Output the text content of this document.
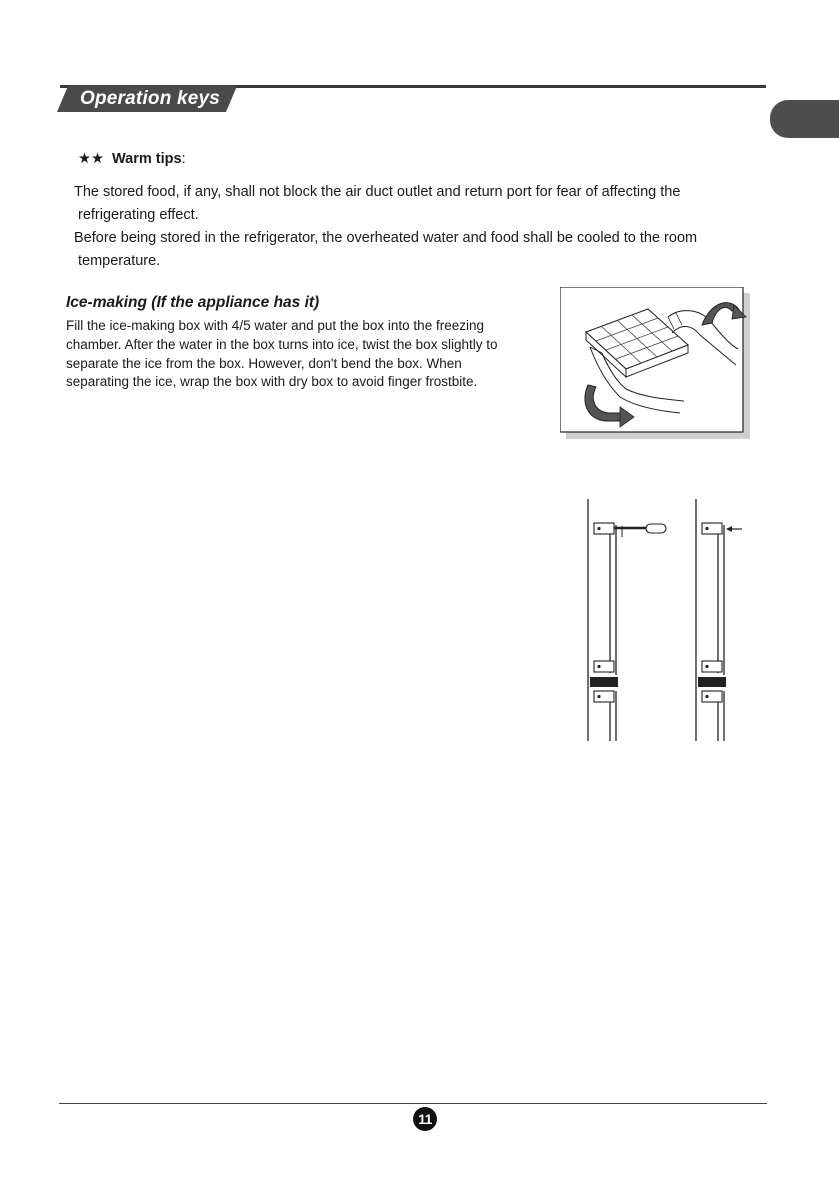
Operation keys
★★ Warm tips:
The stored food, if any, shall not block the air duct outlet and return port for fear of affecting the
refrigerating effect.
Before being stored in the refrigerator, the overheated water and food shall be cooled to the room
temperature.
Ice-making (If the appliance has it)
Fill the ice-making box with 4/5 water and put the box into the freezing chamber. After the water in the box turns into ice, twist the box slightly to separate the ice from the box. However, don't bend the box. When separating the ice, wrap the box with dry box to avoid finger frostbite.
11
